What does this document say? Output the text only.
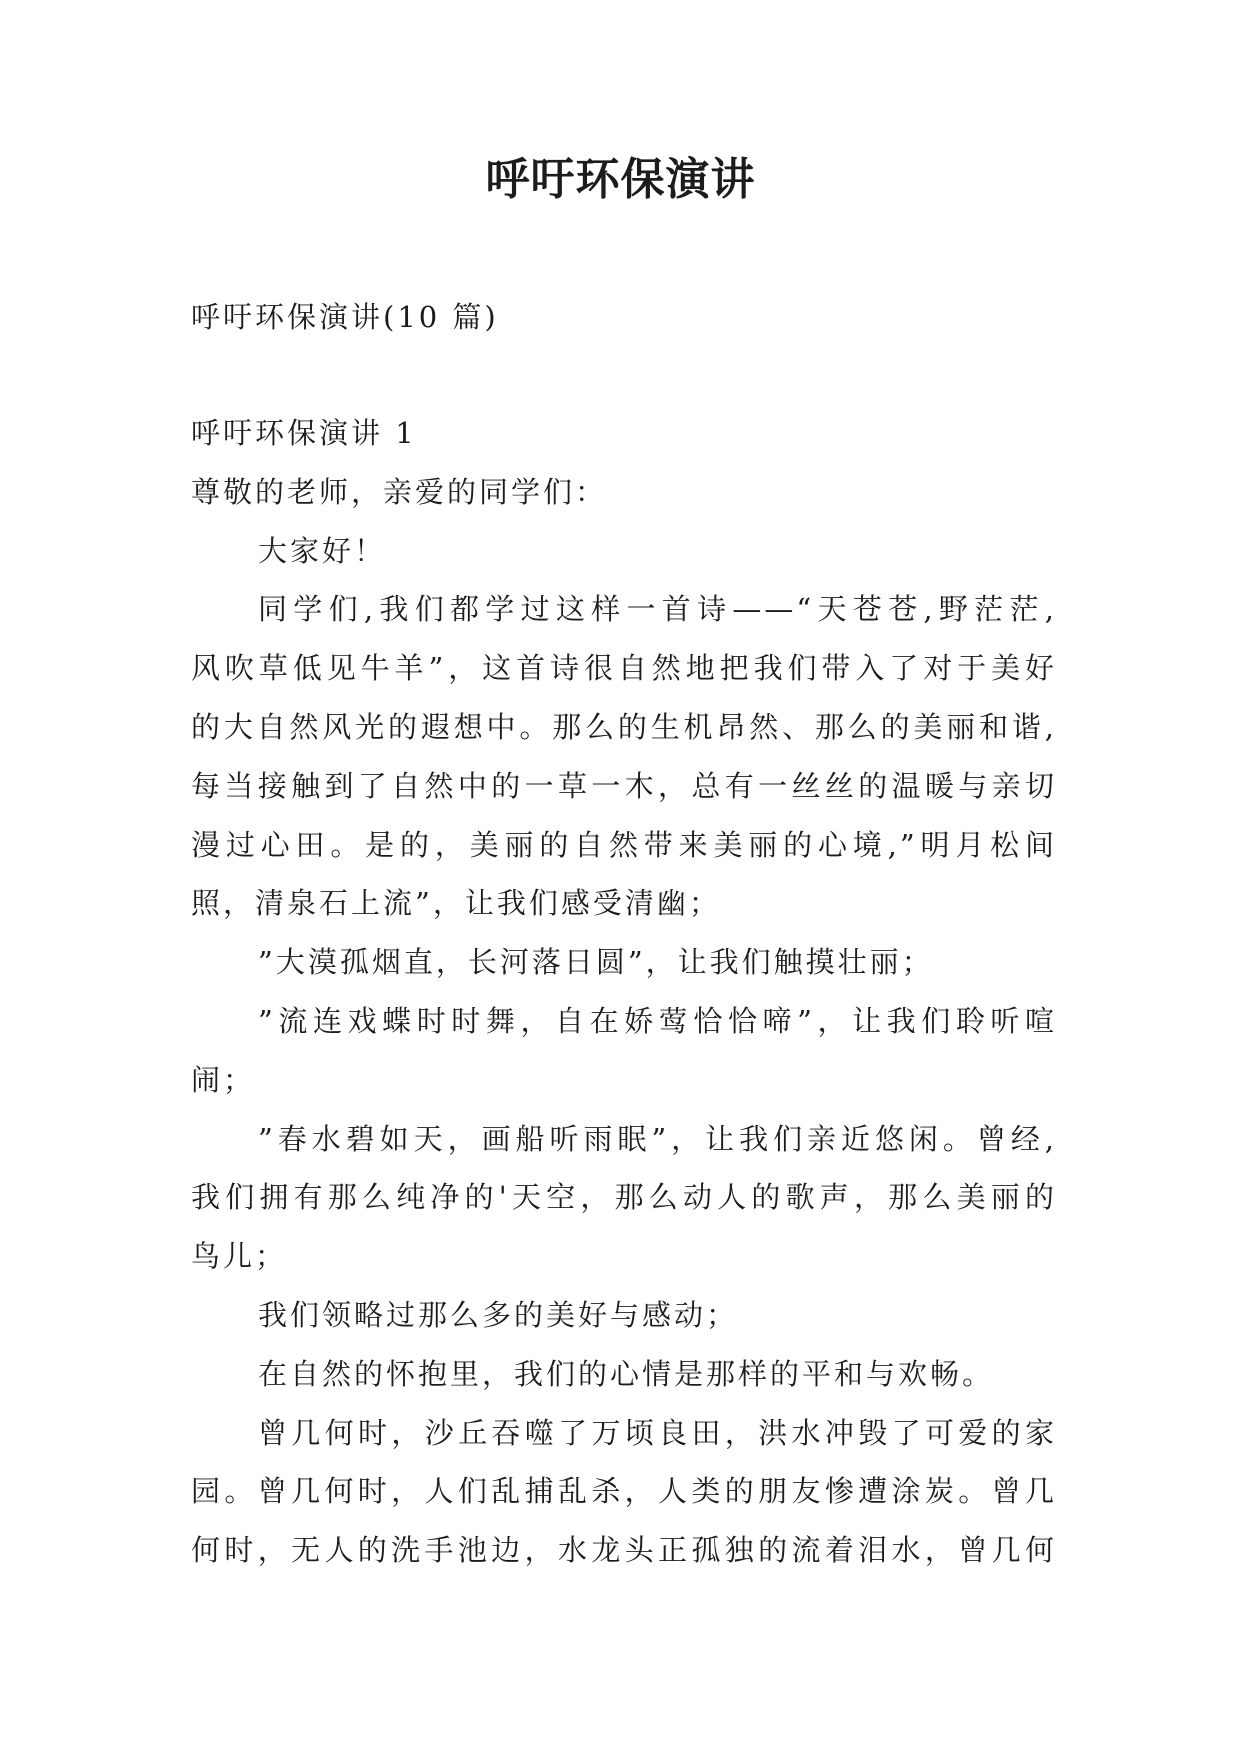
呼吁环保演讲
呼吁环保演讲(10 篇)
呼吁环保演讲 1
尊敬的老师，亲爱的同学们：
大家好！
同学们,我们都学过这样一首诗——“天苍苍,野茫茫,
风吹草低见牛羊”，这首诗很自然地把我们带入了对于美好
的大自然风光的遐想中。那么的生机昂然、那么的美丽和谐,
每当接触到了自然中的一草一木，总有一丝丝的温暖与亲切
漫过心田。是的，美丽的自然带来美丽的心境,”明月松间
照，清泉石上流”，让我们感受清幽；
”大漠孤烟直，长河落日圆”，让我们触摸壮丽；
”流连戏蝶时时舞，自在娇莺恰恰啼”，让我们聆听喧
闹；
”春水碧如天，画船听雨眠”，让我们亲近悠闲。曾经,
我们拥有那么纯净的'天空，那么动人的歌声，那么美丽的
鸟儿；
我们领略过那么多的美好与感动；
在自然的怀抱里，我们的心情是那样的平和与欢畅。
曾几何时，沙丘吞噬了万顷良田，洪水冲毁了可爱的家
园。曾几何时，人们乱捕乱杀，人类的朋友惨遭涂炭。曾几
何时，无人的洗手池边，水龙头正孤独的流着泪水，曾几何
